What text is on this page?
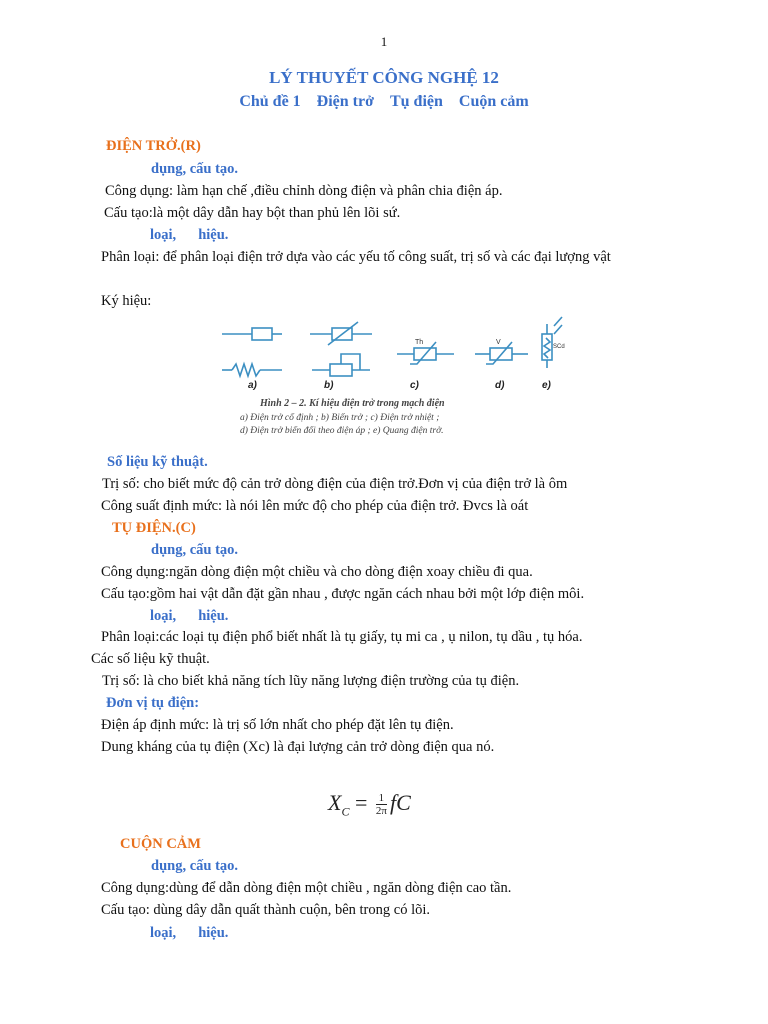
1
LÝ THUYẾT CÔNG NGHỆ 12
Chủ đề 1 Điện trở Tụ điện Cuộn cảm
ĐIỆN TRỞ.(R)
dụng, cấu tạo.
Công dụng: làm hạn chế ,điều chỉnh dòng điện và phân chia điện áp.
Cấu tạo:là một dây dẫn hay bột than phủ lên lõi sứ.
loại, hiệu.
Phân loại: để phân loại điện trở dựa vào các yếu tố công suất, trị số và các đại lượng vật
Ký hiệu:
Th	V
SCd
a)	b)	c)	d)	e)
Hình 2 – 2. Kí hiệu điện trở trong mạch điện
a) Điện trở cố định ; b) Biến trở ; c) Điện trở nhiệt ;
d) Điện trở biến đổi theo điện áp ; e) Quang điện trở.
Số liệu kỹ thuật.
Trị số: cho biết mức độ cản trở dòng điện của điện trở.Đơn vị của điện trở là ôm
Công suất định mức: là nói lên mức độ cho phép của điện trở. Đvcs là oát
TỤ ĐIỆN.(C)
dụng, cấu tạo.
Công dụng:ngăn dòng điện một chiều và cho dòng điện xoay chiều đi qua.
Cấu tạo:gồm hai vật dẫn đặt gần nhau , được ngăn cách nhau bởi một lớp điện môi.
loại, hiệu.
Phân loại:các loại tụ điện phổ biết nhất là tụ giấy, tụ mi ca , ụ nilon, tụ dầu , tụ hóa.
Các số liệu kỹ thuật.
Trị số: là cho biết khả năng tích lũy năng lượng điện trường của tụ điện.
Đơn vị tụ điện:
Điện áp định mức: là trị số lớn nhất cho phép đặt lên tụ điện.
Dung kháng của tụ điện (Xc) là đại lượng cản trở dòng điện qua nó.
$X_C = \frac{1}{2\pi}$ fC
CUỘN CẢM
dụng, cấu tạo.
Công dụng:dùng để dẫn dòng điện một chiều , ngăn dòng điện cao tần.
Cấu tạo: dùng dây dẫn quất thành cuộn, bên trong có lõi.
loại, hiệu.
